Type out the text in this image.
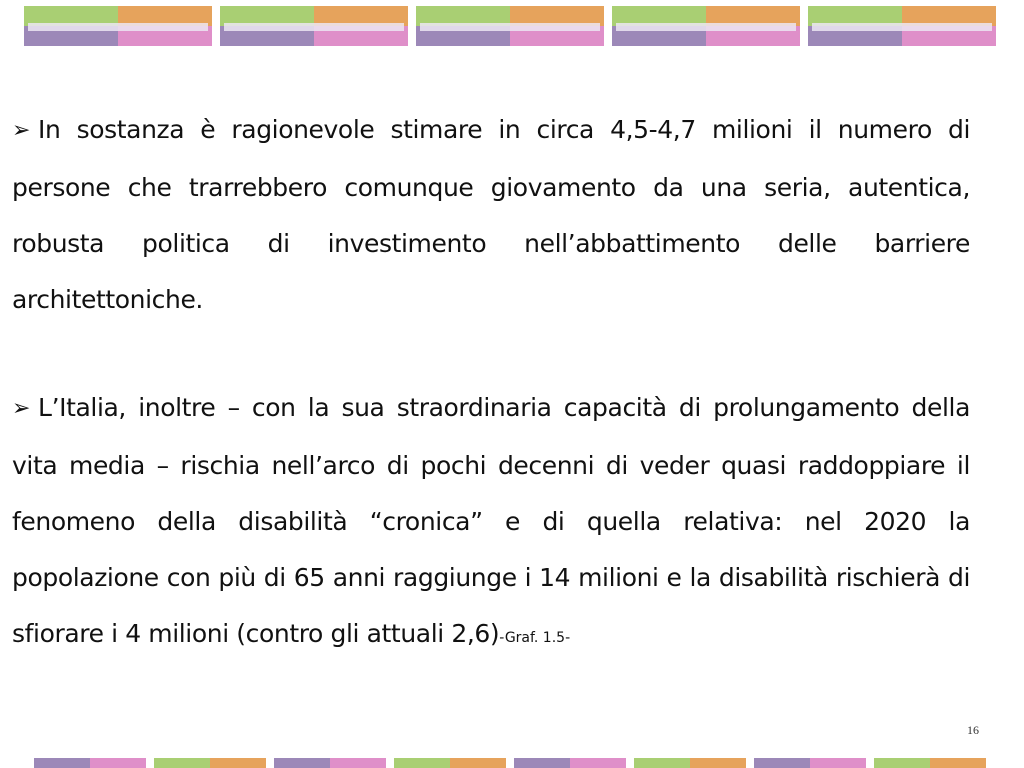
➢ In sostanza è ragionevole stimare in circa 4,5-4,7 milioni il numero di persone che trarrebbero comunque giovamento da una seria, autentica, robusta politica di investimento nell’abbattimento delle barriere architettoniche.

➢ L’Italia, inoltre – con la sua straordinaria capacità di prolungamento della vita media – rischia nell’arco di pochi decenni di veder quasi raddoppiare il fenomeno della disabilità “cronica” e di quella relativa: nel 2020 la popolazione con più di 65 anni raggiunge i 14 milioni e la disabilità rischierà di sfiorare i 4 milioni (contro gli attuali 2,6)-Graf. 1.5-

16
